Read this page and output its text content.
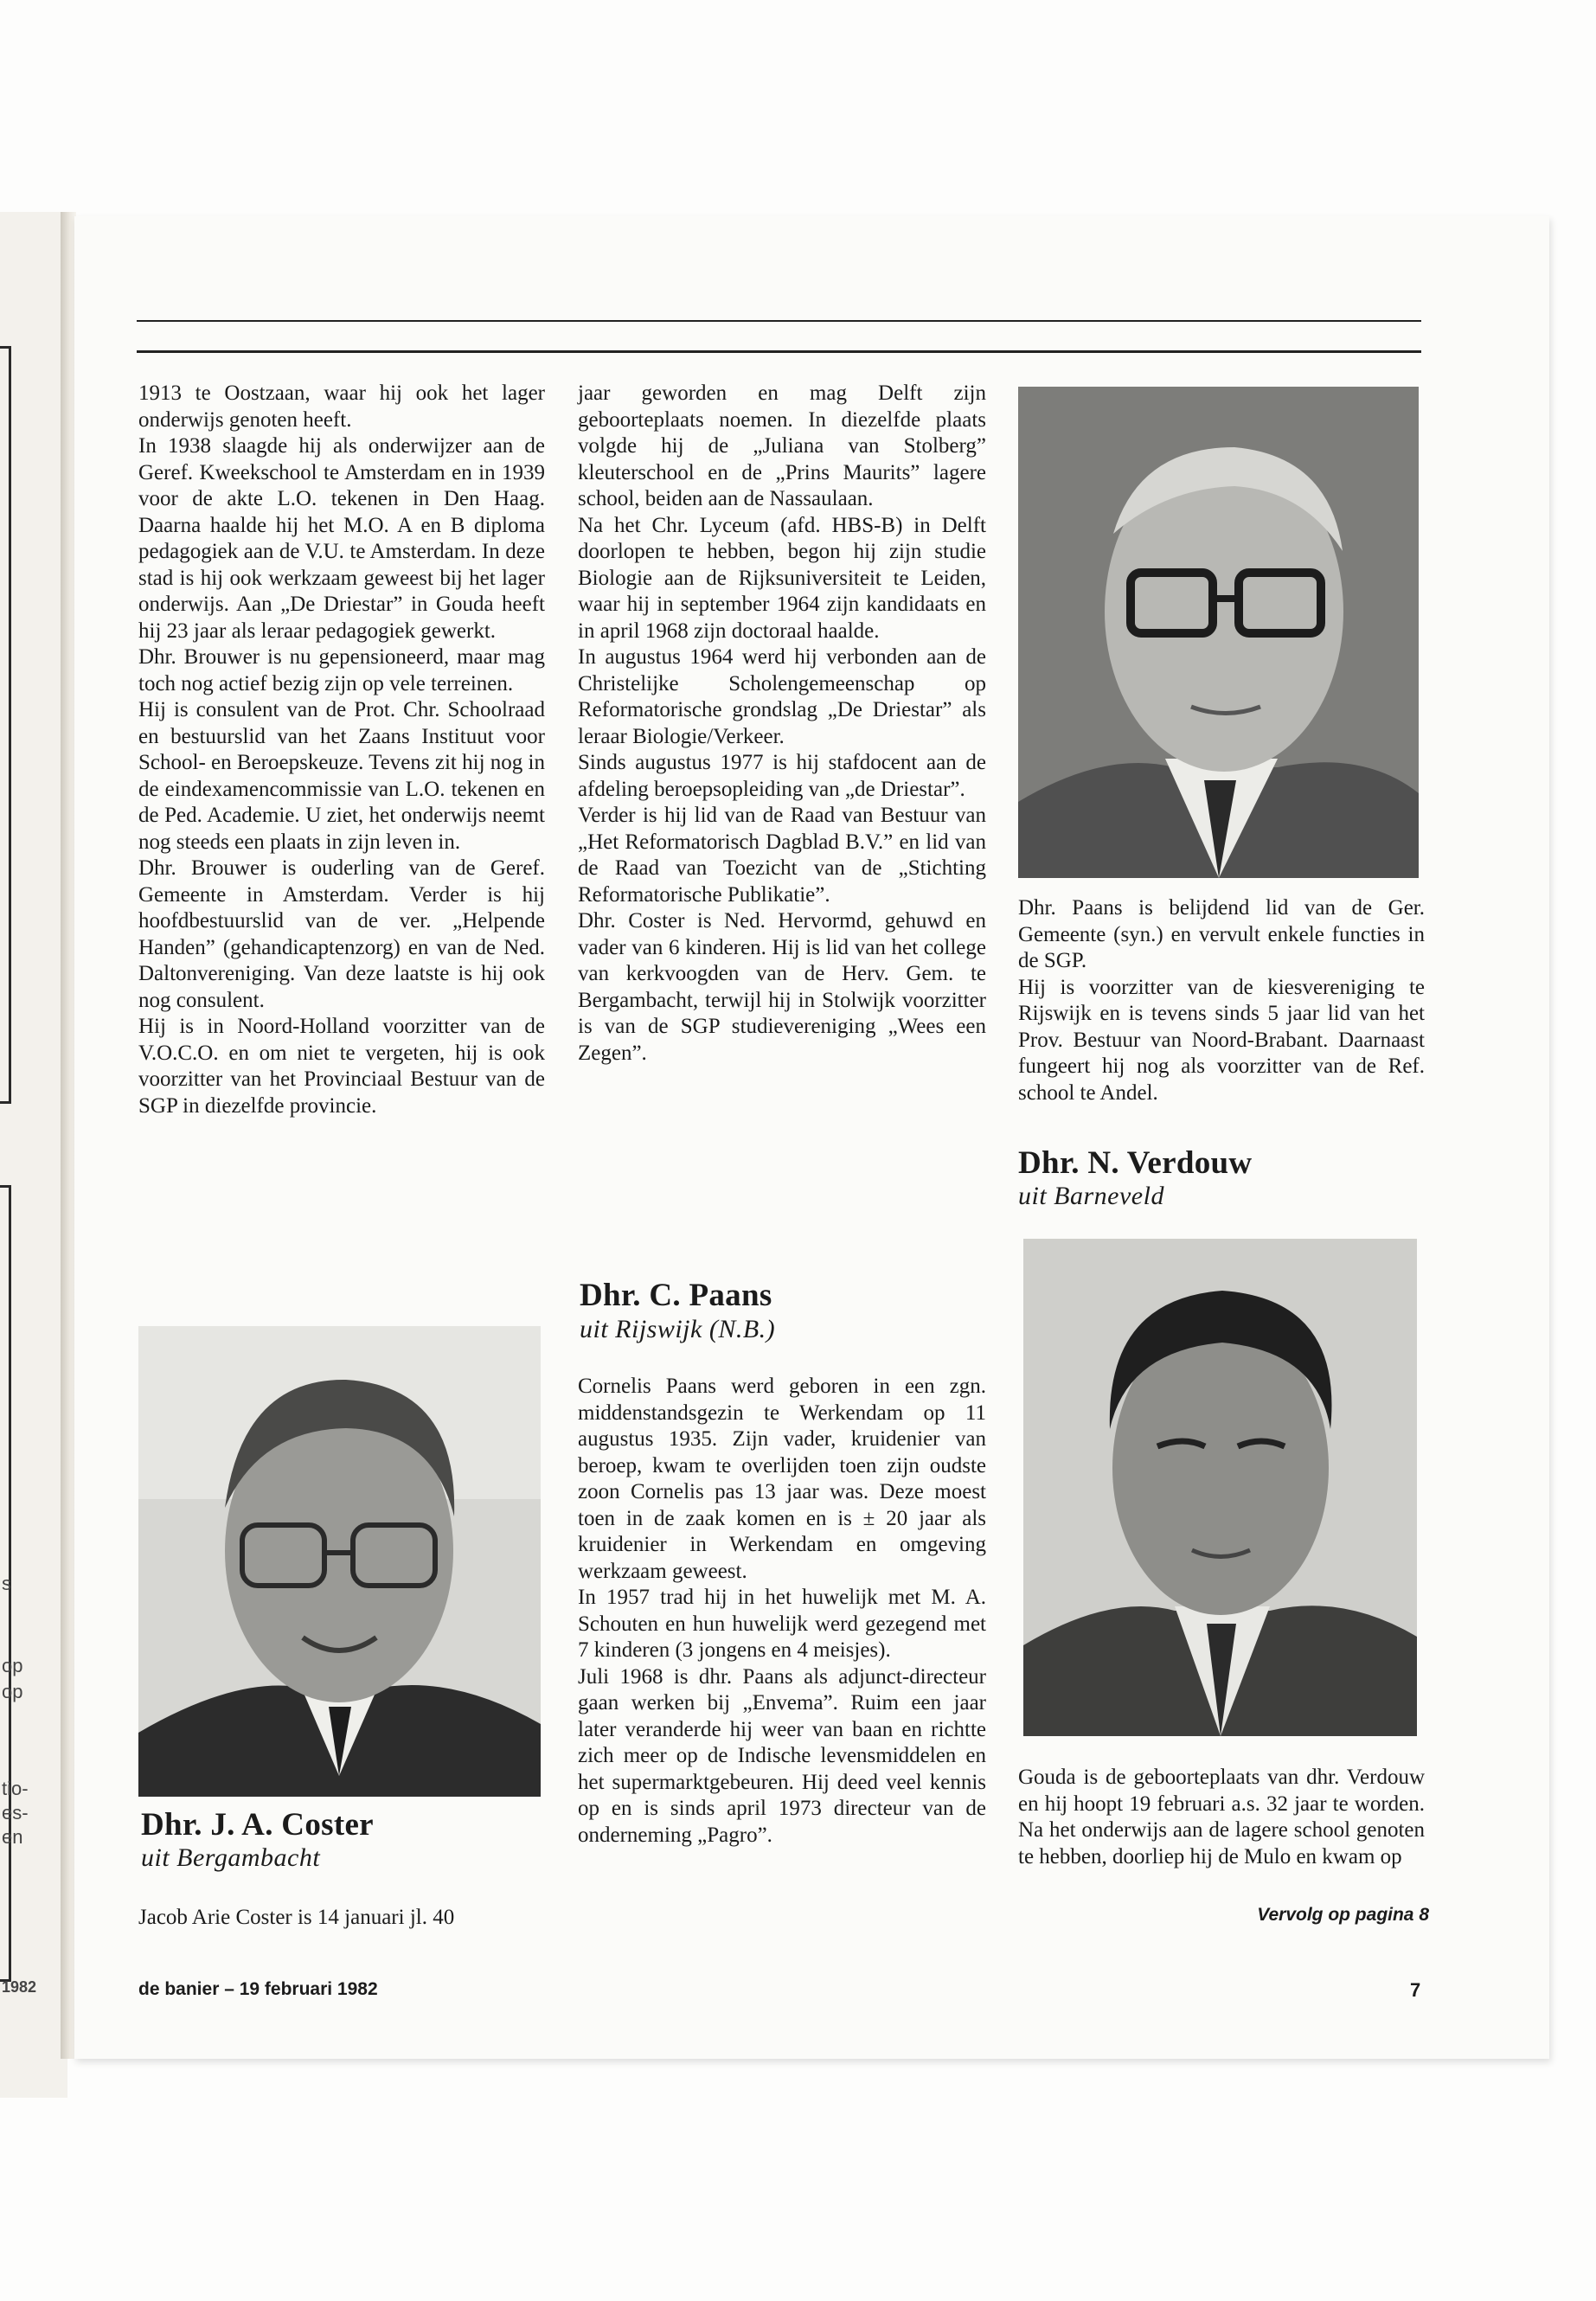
s
op
op
tio-
es-
en
1982

1913 te Oostzaan, waar hij ook het lager onderwijs genoten heeft.

In 1938 slaagde hij als onderwijzer aan de Geref. Kweekschool te Amsterdam en in 1939 voor de akte L.O. tekenen in Den Haag. Daarna haalde hij het M.O. A en B diploma pedagogiek aan de V.U. te Amsterdam. In deze stad is hij ook werkzaam geweest bij het lager onderwijs. Aan „De Driestar” in Gouda heeft hij 23 jaar als leraar pedagogiek gewerkt.

Dhr. Brouwer is nu gepensioneerd, maar mag toch nog actief bezig zijn op vele terreinen.

Hij is consulent van de Prot. Chr. Schoolraad en bestuurslid van het Zaans Instituut voor School- en Beroepskeuze. Tevens zit hij nog in de eindexamencommissie van L.O. tekenen en de Ped. Academie. U ziet, het onderwijs neemt nog steeds een plaats in zijn leven in.

Dhr. Brouwer is ouderling van de Geref. Gemeente in Amsterdam. Verder is hij hoofdbestuurslid van de ver. „Helpende Handen” (gehandicaptenzorg) en van de Ned. Daltonvereniging. Van deze laatste is hij ook nog consulent.

Hij is in Noord-Holland voorzitter van de V.O.C.O. en om niet te vergeten, hij is ook voorzitter van het Provinciaal Bestuur van de SGP in diezelfde provincie.

Dhr. J. A. Coster
uit Bergambacht
Jacob Arie Coster is 14 januari jl. 40

jaar geworden en mag Delft zijn geboorteplaats noemen. In diezelfde plaats volgde hij de „Juliana van Stolberg” kleuterschool en de „Prins Maurits” lagere school, beiden aan de Nassaulaan.

Na het Chr. Lyceum (afd. HBS-B) in Delft doorlopen te hebben, begon hij zijn studie Biologie aan de Rijksuniversiteit te Leiden, waar hij in september 1964 zijn kandidaats en in april 1968 zijn doctoraal haalde.

In augustus 1964 werd hij verbonden aan de Christelijke Scholengemeenschap op Reformatorische grondslag „De Driestar” als leraar Biologie/Verkeer.

Sinds augustus 1977 is hij stafdocent aan de afdeling beroepsopleiding van „de Driestar”.

Verder is hij lid van de Raad van Bestuur van „Het Reformatorisch Dagblad B.V.” en lid van de Raad van Toezicht van de „Stichting Reformatorische Publikatie”.

Dhr. Coster is Ned. Hervormd, gehuwd en vader van 6 kinderen. Hij is lid van het college van kerkvoogden van de Herv. Gem. te Bergambacht, terwijl hij in Stolwijk voorzitter is van de SGP studievereniging „Wees een Zegen”.

Dhr. C. Paans
uit Rijswijk (N.B.)

Cornelis Paans werd geboren in een zgn. middenstandsgezin te Werkendam op 11 augustus 1935. Zijn vader, kruidenier van beroep, kwam te overlijden toen zijn oudste zoon Cornelis pas 13 jaar was. Deze moest toen in de zaak komen en is ± 20 jaar als kruidenier in Werkendam en omgeving werkzaam geweest.

In 1957 trad hij in het huwelijk met M. A. Schouten en hun huwelijk werd gezegend met 7 kinderen (3 jongens en 4 meisjes).

Juli 1968 is dhr. Paans als adjunct-directeur gaan werken bij „Envema”. Ruim een jaar later veranderde hij weer van baan en richtte zich meer op de Indische levensmiddelen en het supermarktgebeuren. Hij deed veel kennis op en is sinds april 1973 directeur van de onderneming „Pagro”.

Dhr. Paans is belijdend lid van de Ger. Gemeente (syn.) en vervult enkele functies in de SGP.

Hij is voorzitter van de kiesvereniging te Rijswijk en is tevens sinds 5 jaar lid van het Prov. Bestuur van Noord-Brabant. Daarnaast fungeert hij nog als voorzitter van de Ref. school te Andel.

Dhr. N. Verdouw
uit Barneveld

Gouda is de geboorteplaats van dhr. Verdouw en hij hoopt 19 februari a.s. 32 jaar te worden. Na het onderwijs aan de lagere school genoten te hebben, doorliep hij de Mulo en kwam op

Vervolg op pagina 8
de banier – 19 februari 1982	7
